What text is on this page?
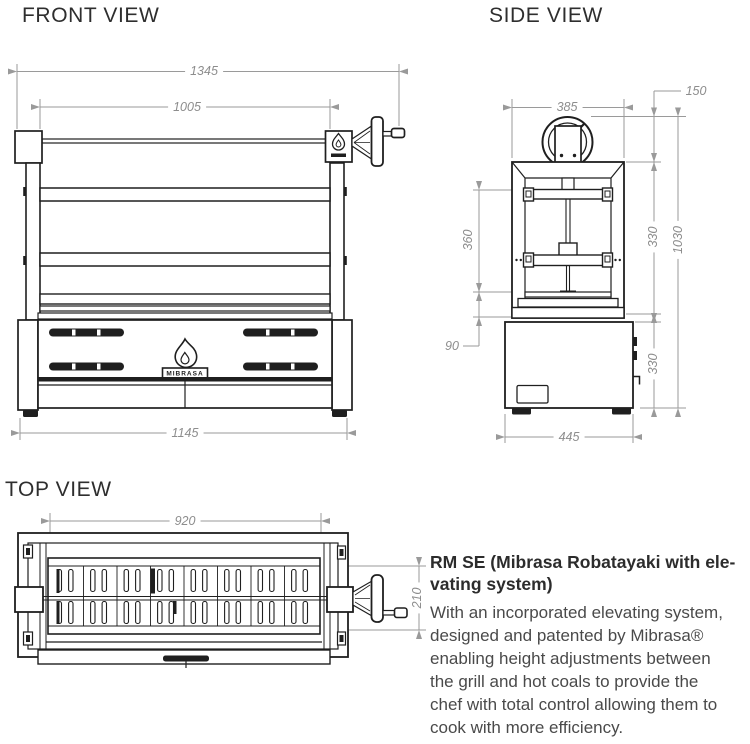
FRONT VIEW	SIDE VIEW
TOP VIEW
1345
1005
1145
385
150
360	330 1030
90
330
445
920
210
MIBRASA
RM SE (Mibrasa Robatayaki with ele-
vating system)
With an incorporated elevating system,
designed and patented by Mibrasa®
enabling height adjustments between
the grill and hot coals to provide the
chef with total control allowing them to
cook with more efficiency.
